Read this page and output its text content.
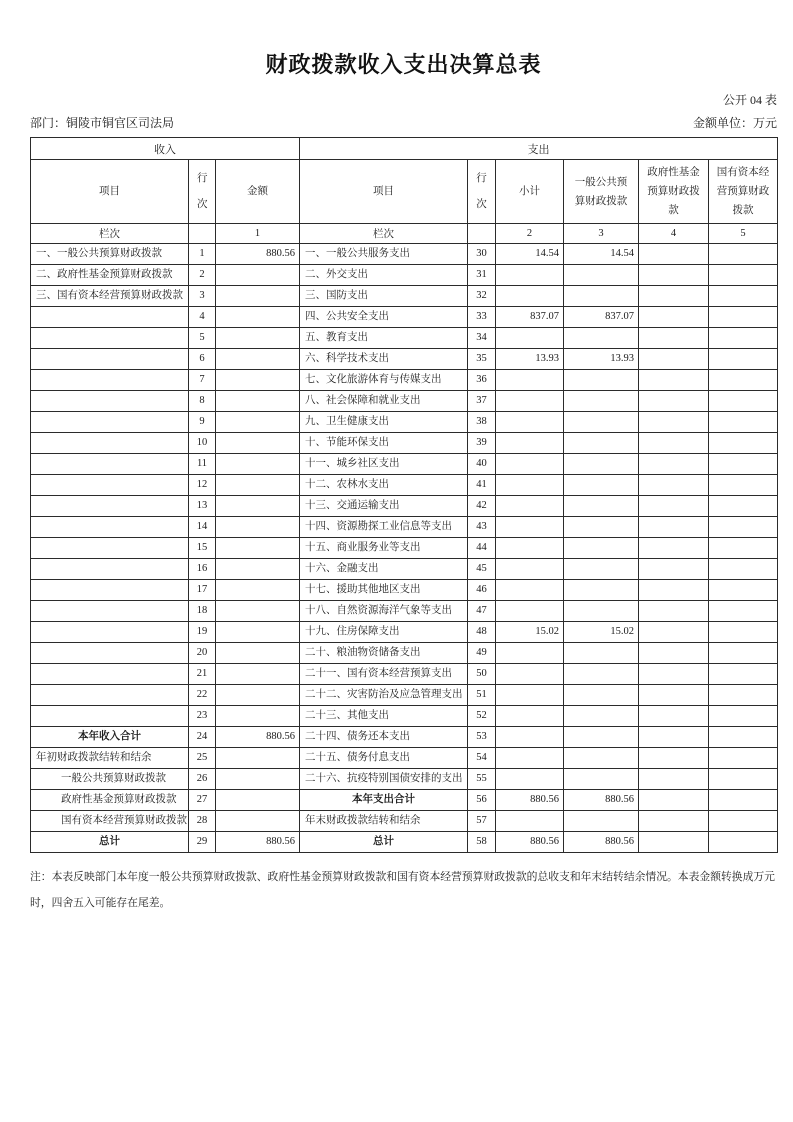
财政拨款收入支出决算总表
公开 04 表
部门：铜陵市铜官区司法局	金额单位：万元
收入			支出					
项目	行次	金额	项目	行次	小计	一般公共预算财政拨款	政府性基金预算财政拨款	国有资本经营预算财政拨款
栏次		1	栏次		2	3	4	5
一、一般公共预算财政拨款	1	880.56	一、一般公共服务支出	30	14.54	14.54		
二、政府性基金预算财政拨款	2		二、外交支出	31				
三、国有资本经营预算财政拨款	3		三、国防支出	32				
	4		四、公共安全支出	33	837.07	837.07		
	5		五、教育支出	34				
	6		六、科学技术支出	35	13.93	13.93		
	7		七、文化旅游体育与传媒支出	36				
	8		八、社会保障和就业支出	37				
	9		九、卫生健康支出	38				
	10		十、节能环保支出	39				
	11		十一、城乡社区支出	40				
	12		十二、农林水支出	41				
	13		十三、交通运输支出	42				
	14		十四、资源勘探工业信息等支出	43				
	15		十五、商业服务业等支出	44				
	16		十六、金融支出	45				
	17		十七、援助其他地区支出	46				
	18		十八、自然资源海洋气象等支出	47				
	19		十九、住房保障支出	48	15.02	15.02		
	20		二十、粮油物资储备支出	49				
	21		二十一、国有资本经营预算支出	50				
	22		二十二、灾害防治及应急管理支出	51				
	23		二十三、其他支出	52				
本年收入合计	24	880.56	二十四、债务还本支出	53				
年初财政拨款结转和结余	25		二十五、债务付息支出	54				
一般公共预算财政拨款	26		二十六、抗疫特别国债安排的支出	55				
政府性基金预算财政拨款	27		本年支出合计	56	880.56	880.56		
国有资本经营预算财政拨款	28		年末财政拨款结转和结余	57				
总计	29	880.56	总计	58	880.56	880.56		

注：本表反映部门本年度一般公共预算财政拨款、政府性基金预算财政拨款和国有资本经营预算财政拨款的总收支和年末结转结余情况。本表金额转换成万元时，四舍五入可能存在尾差。
